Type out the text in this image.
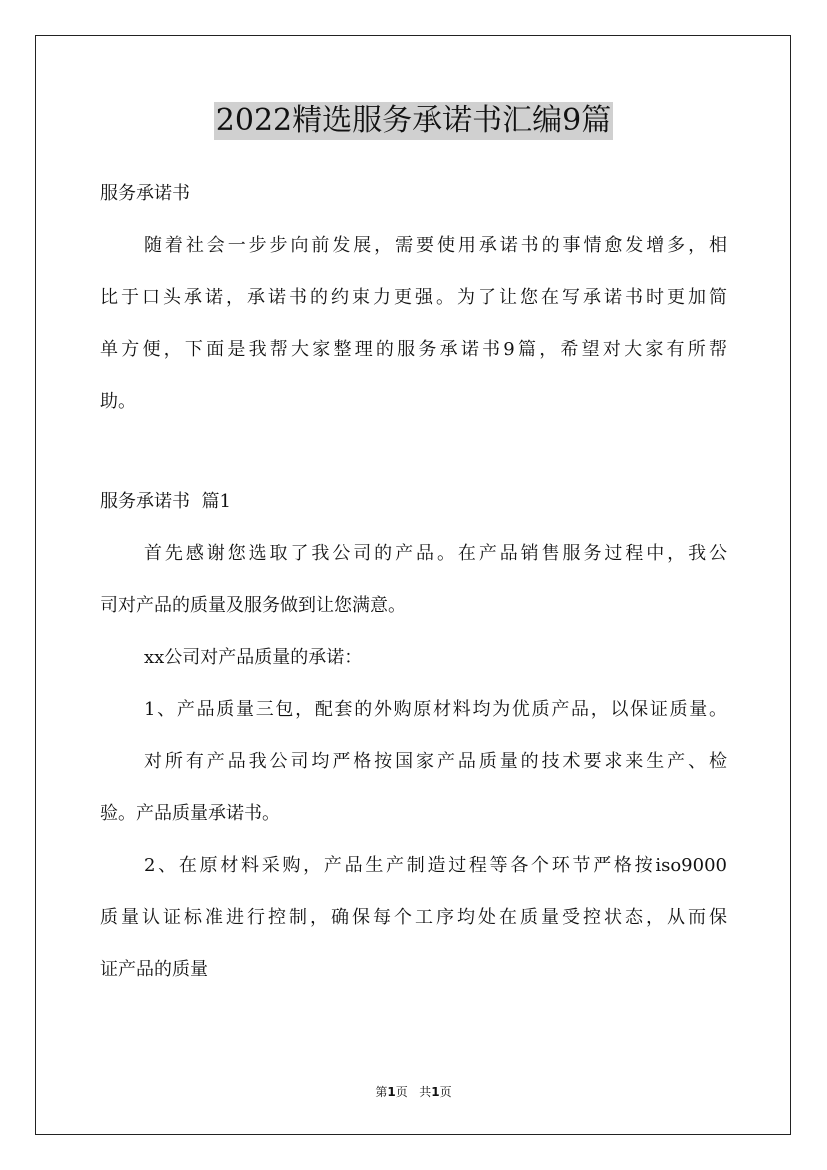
2022精选服务承诺书汇编9篇
服务承诺书
随着社会一步步向前发展，需要使用承诺书的事情愈发增多，相
比于口头承诺，承诺书的约束力更强。为了让您在写承诺书时更加简
单方便，下面是我帮大家整理的服务承诺书9篇，希望对大家有所帮
助。
服务承诺书  篇1
首先感谢您选取了我公司的产品。在产品销售服务过程中，我公
司对产品的质量及服务做到让您满意。
xx公司对产品质量的承诺：
1、产品质量三包，配套的外购原材料均为优质产品，以保证质量。
对所有产品我公司均严格按国家产品质量的技术要求来生产、检
验。产品质量承诺书。
2、在原材料采购，产品生产制造过程等各个环节严格按iso9000
质量认证标准进行控制，确保每个工序均处在质量受控状态，从而保
证产品的质量
第1页 共1页
